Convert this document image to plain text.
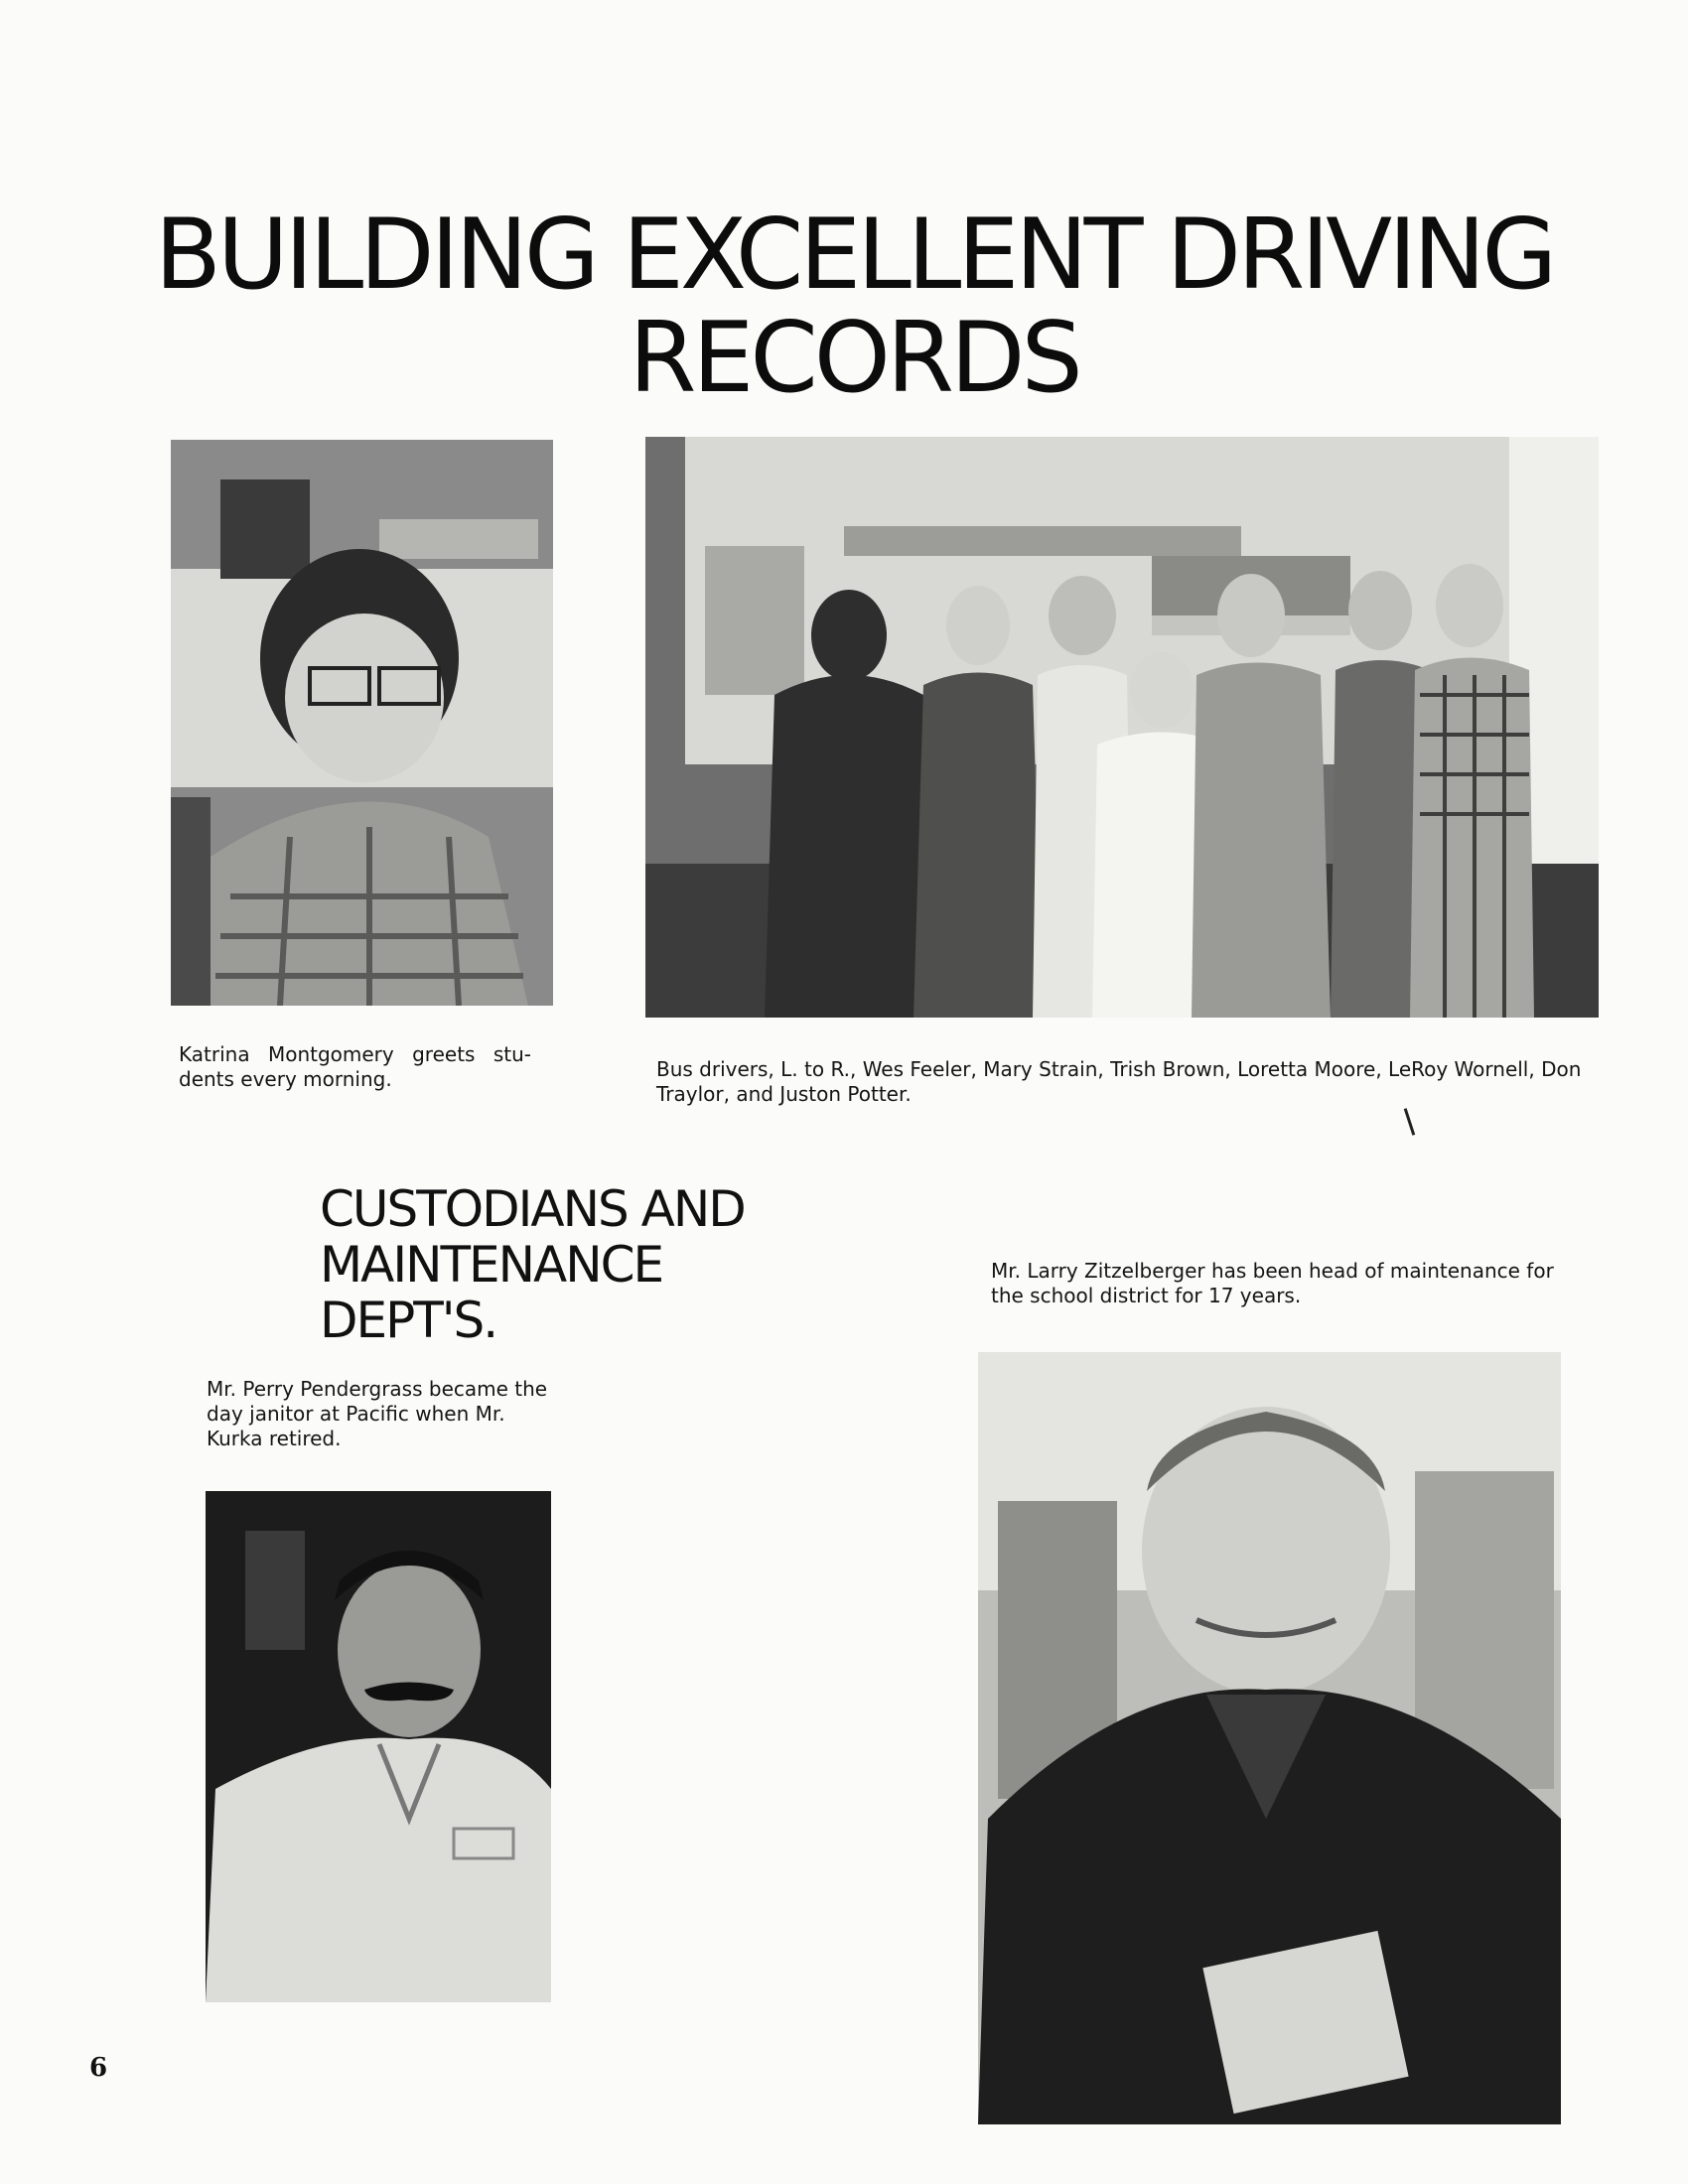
BUILDING EXCELLENT DRIVING
RECORDS
Katrina Montgomery greets stu-dents every morning.	Bus drivers, L. to R., Wes Feeler, Mary Strain, Trish Brown, Loretta Moore, LeRoy Wornell, Don Traylor, and Juston Potter.
CUSTODIANS AND
MAINTENANCE
DEPT'S.
Mr. Larry Zitzelberger has been head of maintenance for the school district for 17 years.
Mr. Perry Pendergrass became the day janitor at Pacific when Mr. Kurka retired.
6
